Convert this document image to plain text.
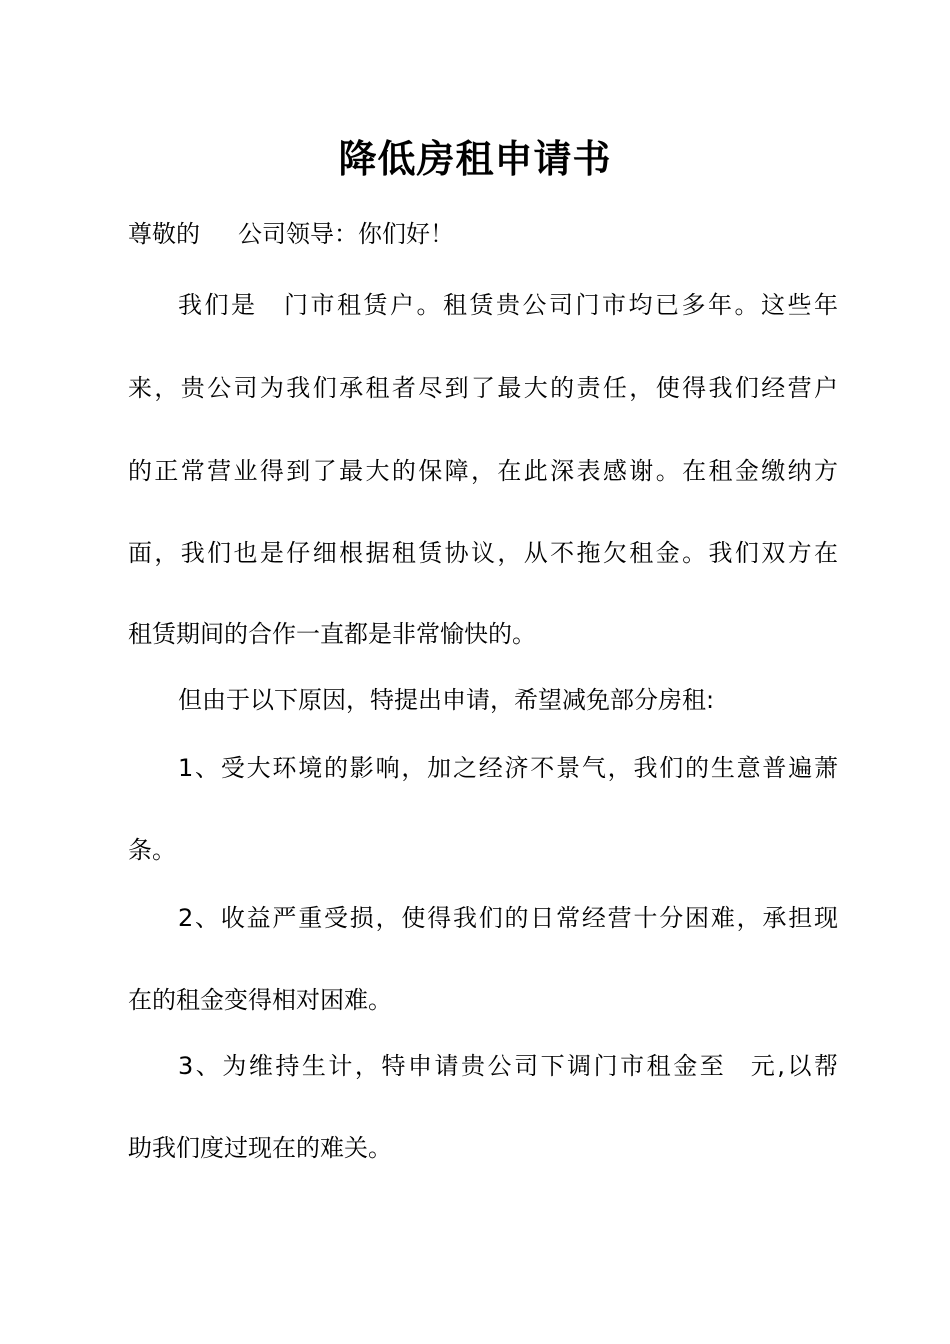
降低房租申请书
尊敬的 公司领导：你们好！
我们是 门市租赁户。租赁贵公司门市均已多年。这些年
来，贵公司为我们承租者尽到了最大的责任，使得我们经营户
的正常营业得到了最大的保障，在此深表感谢。在租金缴纳方
面，我们也是仔细根据租赁协议，从不拖欠租金。我们双方在
租赁期间的合作一直都是非常愉快的。
但由于以下原因，特提出申请，希望减免部分房租:
1、受大环境的影响，加之经济不景气，我们的生意普遍萧
条。
2、收益严重受损，使得我们的日常经营十分困难，承担现
在的租金变得相对困难。
3、为维持生计，特申请贵公司下调门市租金至 元,以帮
助我们度过现在的难关。
